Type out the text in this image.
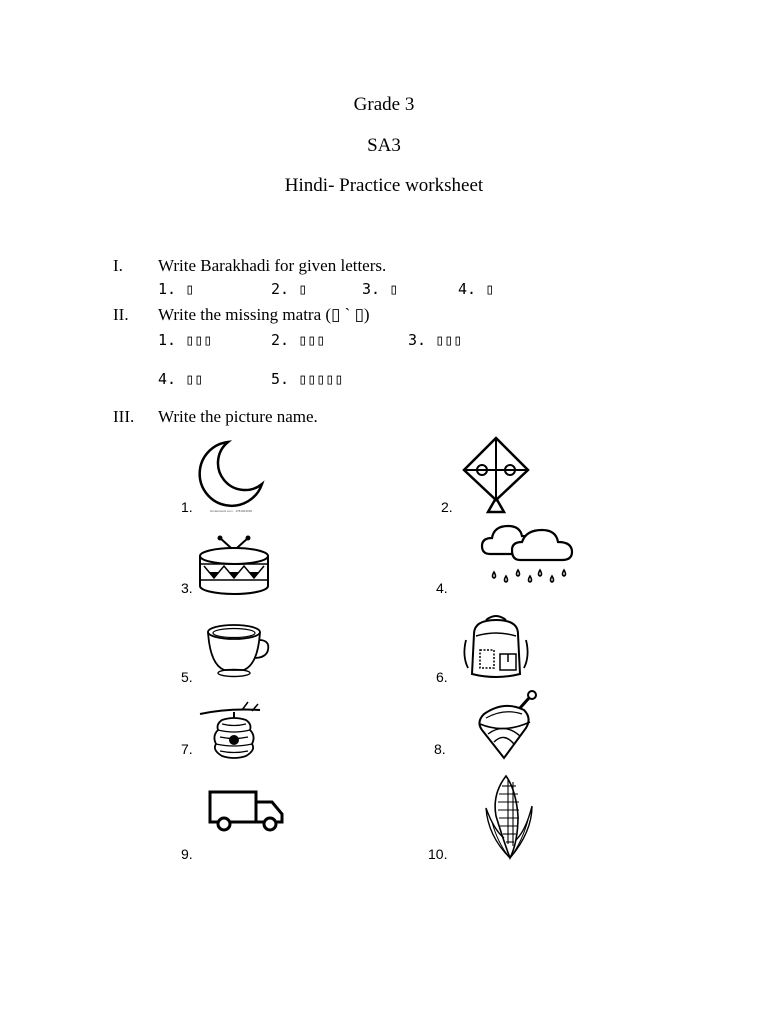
Grade 3
SA3
Hindi- Practice worksheet
I. Write Barakhadi for given letters.
1. ▯	2. ▯	3. ▯	4. ▯
II. Write the missing matra (▯ ` ▯)
1. ▯▯▯	2. ▯▯▯	3. ▯▯▯
4. ▯▯	5. ▯▯▯▯▯
III. Write the picture name.
1.	2.
3.	4.
5.	6.
7.	8.
9.	10.
shutterstock.com · 1781963036
